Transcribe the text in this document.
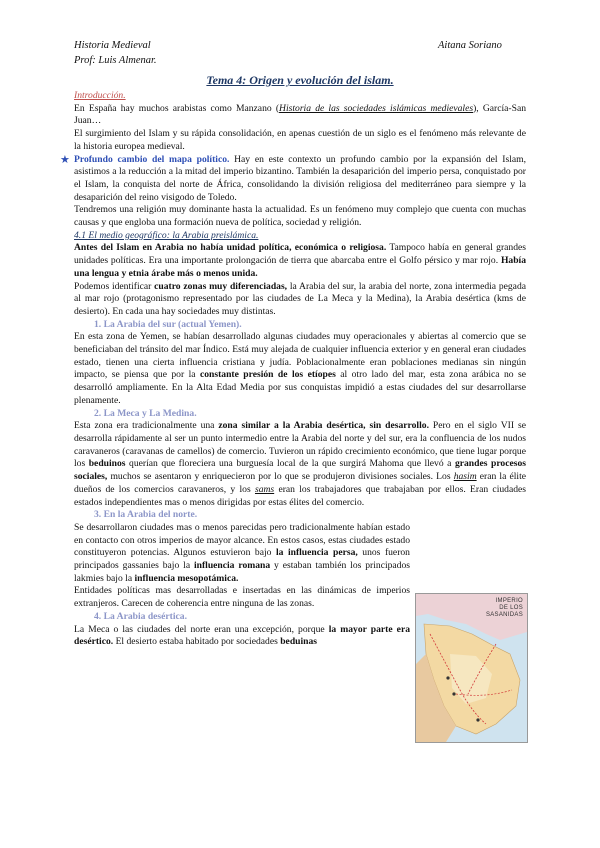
Historia Medieval
Prof: Luis Almenar.
Aitana Soriano
Tema 4: Origen y evolución del islam.

Introducción.

En España hay muchos arabistas como Manzano (Historia de las sociedades islámicas medievales), García-San Juan…

El surgimiento del Islam y su rápida consolidación, en apenas cuestión de un siglo es el fenómeno más relevante de la historia europea medieval.

★ Profundo cambio del mapa político. Hay en este contexto un profundo cambio por la expansión del Islam, asistimos a la reducción a la mitad del imperio bizantino. También la desaparición del imperio persa, conquistado por el Islam, la conquista del norte de África, consolidando la división religiosa del mediterráneo para siempre y la desaparición del reino visigodo de Toledo.

Tendremos una religión muy dominante hasta la actualidad. Es un fenómeno muy complejo que cuenta con muchas causas y que engloba una formación nueva de política, sociedad y religión.

4.1 El medio geográfico: la Arabia preislámica.

Antes del Islam en Arabia no había unidad política, económica o religiosa. Tampoco había en general grandes unidades políticas. Era una importante prolongación de tierra que abarcaba entre el Golfo pérsico y mar rojo. Había una lengua y etnia árabe más o menos unida.

Podemos identificar cuatro zonas muy diferenciadas, la Arabia del sur, la arabia del norte, zona intermedia pegada al mar rojo (protagonismo representado por las ciudades de La Meca y la Medina), la Arabia desértica (kms de desierto). En cada una hay sociedades muy distintas.

1. La Arabia del sur (actual Yemen).

En esta zona de Yemen, se habían desarrollado algunas ciudades muy operacionales y abiertas al comercio que se beneficiaban del tránsito del mar Índico. Está muy alejada de cualquier influencia exterior y en general eran ciudades estado, tienen una cierta influencia cristiana y judía. Poblacionalmente eran poblaciones medianas sin ningún impacto, se piensa que por la constante presión de los etíopes al otro lado del mar, esta zona arábica no se desarrolló ampliamente. En la Alta Edad Media por sus conquistas impidió a estas ciudades del sur desarrollarse plenamente.

2. La Meca y La Medina.

Esta zona era tradicionalmente una zona similar a la Arabia desértica, sin desarrollo. Pero en el siglo VII se desarrolla rápidamente al ser un punto intermedio entre la Arabia del norte y del sur, era la confluencia de los nudos caravaneros (caravanas de camellos) de comercio. Tuvieron un rápido crecimiento económico, que tiene lugar porque los beduinos querían que floreciera una burguesía local de la que surgirá Mahoma que llevó a grandes procesos sociales, muchos se asentaron y enriquecieron por lo que se produjeron divisiones sociales. Los hasim eran la élite dueños de los comercios caravaneros, y los sams eran los trabajadores que trabajaban por ellos. Eran ciudades estados independientes mas o menos dirigidas por estas élites del comercio.

3. En la Arabia del norte.

Se desarrollaron ciudades mas o menos parecidas pero tradicionalmente habían estado en contacto con otros imperios de mayor alcance. En estos casos, estas ciudades estado constituyeron potencias. Algunos estuvieron bajo la influencia persa, unos fueron principados gassanies bajo la influencia romana y estaban también los principados lakmies bajo la influencia mesopotámica.

Entidades políticas mas desarrolladas e insertadas en las dinámicas de imperios extranjeros. Carecen de coherencia entre ninguna de las zonas.

4. La Arabia desértica.

La Meca o las ciudades del norte eran una excepción, porque la mayor parte era desértico. El desierto estaba habitado por sociedades beduinas

IMPERIO
DE LOS
SASANIDAS
